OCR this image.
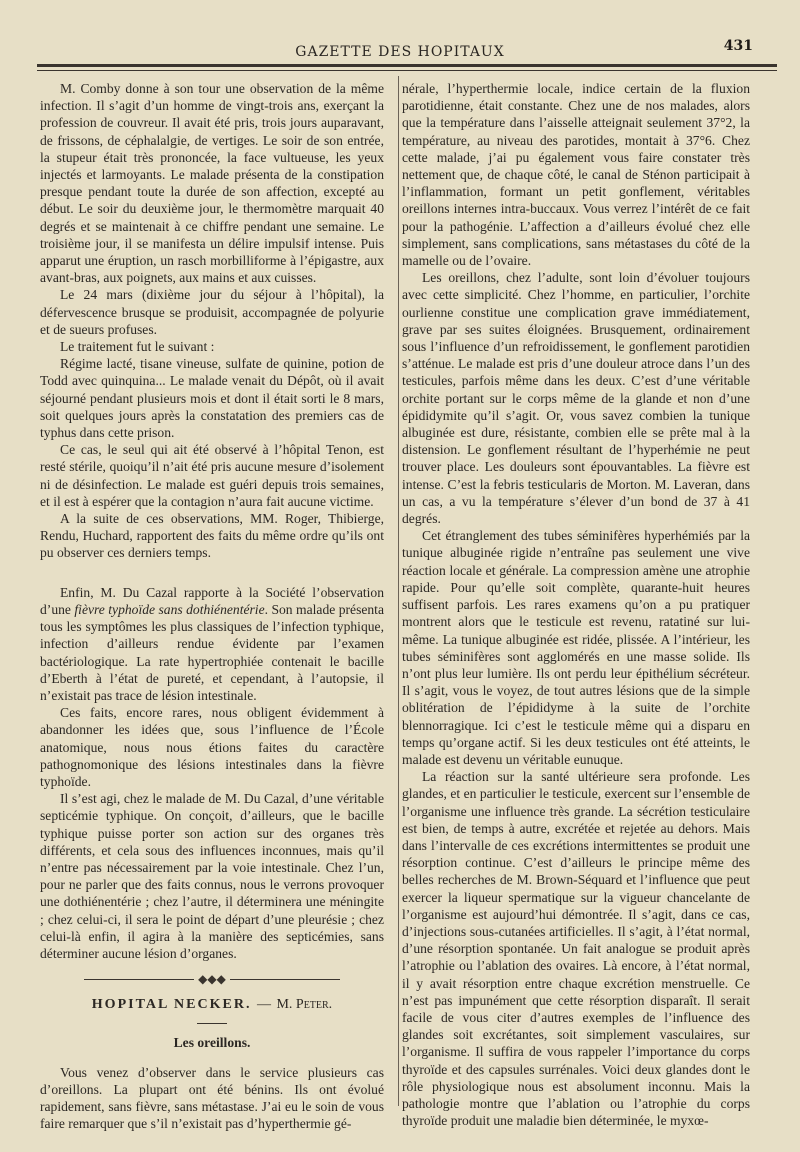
GAZETTE DES HOPITAUX	431

M. Comby donne à son tour une observation de la même infection. Il s’agit d’un homme de vingt-trois ans, exerçant la profession de couvreur. Il avait été pris, trois jours auparavant, de frissons, de céphalalgie, de vertiges. Le soir de son entrée, la stupeur était très prononcée, la face vultueuse, les yeux injectés et larmoyants. Le malade présenta de la constipation presque pendant toute la durée de son affection, excepté au début. Le soir du deuxième jour, le thermomètre marquait 40 degrés et se maintenait à ce chiffre pendant une semaine. Le troisième jour, il se manifesta un délire impulsif intense. Puis apparut une éruption, un rasch morbilliforme à l’épigastre, aux avant-bras, aux poignets, aux mains et aux cuisses.

Le 24 mars (dixième jour du séjour à l’hôpital), la défervescence brusque se produisit, accompagnée de polyurie et de sueurs profuses.

Le traitement fut le suivant :

Régime lacté, tisane vineuse, sulfate de quinine, potion de Todd avec quinquina... Le malade venait du Dépôt, où il avait séjourné pendant plusieurs mois et dont il était sorti le 8 mars, soit quelques jours après la constatation des premiers cas de typhus dans cette prison.

Ce cas, le seul qui ait été observé à l’hôpital Tenon, est resté stérile, quoiqu’il n’ait été pris aucune mesure d’isolement ni de désinfection. Le malade est guéri depuis trois semaines, et il est à espérer que la contagion n’aura fait aucune victime.

A la suite de ces observations, MM. Roger, Thibierge, Rendu, Huchard, rapportent des faits du même ordre qu’ils ont pu observer ces derniers temps.

Enfin, M. Du Cazal rapporte à la Société l’observation d’une fièvre typhoïde sans dothiénentérie. Son malade présenta tous les symptômes les plus classiques de l’infection typhique, infection d’ailleurs rendue évidente par l’examen bactériologique. La rate hypertrophiée contenait le bacille d’Eberth à l’état de pureté, et cependant, à l’autopsie, il n’existait pas trace de lésion intestinale.

Ces faits, encore rares, nous obligent évidemment à abandonner les idées que, sous l’influence de l’École anatomique, nous nous étions faites du caractère pathognomonique des lésions intestinales dans la fièvre typhoïde.

Il s’est agi, chez le malade de M. Du Cazal, d’une véritable septicémie typhique. On conçoit, d’ailleurs, que le bacille typhique puisse porter son action sur des organes très différents, et cela sous des influences inconnues, mais qu’il n’entre pas nécessairement par la voie intestinale. Chez l’un, pour ne parler que des faits connus, nous le verrons provoquer une dothiénentérie ; chez l’autre, il déterminera une méningite ; chez celui-ci, il sera le point de départ d’une pleurésie ; chez celui-là enfin, il agira à la manière des septicémies, sans déterminer aucune lésion d’organes.

◆◆◆
HOPITAL NECKER. — M. Peter.
Les oreillons.

Vous venez d’observer dans le service plusieurs cas d’oreillons. La plupart ont été bénins. Ils ont évolué rapidement, sans fièvre, sans métastase. J’ai eu le soin de vous faire remarquer que s’il n’existait pas d’hyperthermie gé-

nérale, l’hyperthermie locale, indice certain de la fluxion parotidienne, était constante. Chez une de nos malades, alors que la température dans l’aisselle atteignait seulement 37°2, la température, au niveau des parotides, montait à 37°6. Chez cette malade, j’ai pu également vous faire constater très nettement que, de chaque côté, le canal de Sténon participait à l’inflammation, formant un petit gonflement, véritables oreillons internes intra-buccaux. Vous verrez l’intérêt de ce fait pour la pathogénie. L’affection a d’ailleurs évolué chez elle simplement, sans complications, sans métastases du côté de la mamelle ou de l’ovaire.

Les oreillons, chez l’adulte, sont loin d’évoluer toujours avec cette simplicité. Chez l’homme, en particulier, l’orchite ourlienne constitue une complication grave immédiatement, grave par ses suites éloignées. Brusquement, ordinairement sous l’influence d’un refroidissement, le gonflement parotidien s’atténue. Le malade est pris d’une douleur atroce dans l’un des testicules, parfois même dans les deux. C’est d’une véritable orchite portant sur le corps même de la glande et non d’une épididymite qu’il s’agit. Or, vous savez combien la tunique albuginée est dure, résistante, combien elle se prête mal à la distension. Le gonflement résultant de l’hyperhémie ne peut trouver place. Les douleurs sont épouvantables. La fièvre est intense. C’est la febris testicularis de Morton. M. Laveran, dans un cas, a vu la température s’élever d’un bond de 37 à 41 degrés.

Cet étranglement des tubes séminifères hyperhémiés par la tunique albuginée rigide n’entraîne pas seulement une vive réaction locale et générale. La compression amène une atrophie rapide. Pour qu’elle soit complète, quarante-huit heures suffisent parfois. Les rares examens qu’on a pu pratiquer montrent alors que le testicule est revenu, ratatiné sur lui-même. La tunique albuginée est ridée, plissée. A l’intérieur, les tubes séminifères sont agglomérés en une masse solide. Ils n’ont plus leur lumière. Ils ont perdu leur épithélium sécréteur. Il s’agit, vous le voyez, de tout autres lésions que de la simple oblitération de l’épididyme à la suite de l’orchite blennorragique. Ici c’est le testicule même qui a disparu en temps qu’organe actif. Si les deux testicules ont été atteints, le malade est devenu un véritable eunuque.

La réaction sur la santé ultérieure sera profonde. Les glandes, et en particulier le testicule, exercent sur l’ensemble de l’organisme une influence très grande. La sécrétion testiculaire est bien, de temps à autre, excrétée et rejetée au dehors. Mais dans l’intervalle de ces excrétions intermittentes se produit une résorption continue. C’est d’ailleurs le principe même des belles recherches de M. Brown-Séquard et l’influence que peut exercer la liqueur spermatique sur la vigueur chancelante de l’organisme est aujourd’hui démontrée. Il s’agit, dans ce cas, d’injections sous-cutanées artificielles. Il s’agit, à l’état normal, d’une résorption spontanée. Un fait analogue se produit après l’atrophie ou l’ablation des ovaires. Là encore, à l’état normal, il y avait résorption entre chaque excrétion menstruelle. Ce n’est pas impunément que cette résorption disparaît. Il serait facile de vous citer d’autres exemples de l’influence des glandes soit excrétantes, soit simplement vasculaires, sur l’organisme. Il suffira de vous rappeler l’importance du corps thyroïde et des capsules surrénales. Voici deux glandes dont le rôle physiologique nous est absolument inconnu. Mais la pathologie montre que l’ablation ou l’atrophie du corps thyroïde produit une maladie bien déterminée, le myxœ-
